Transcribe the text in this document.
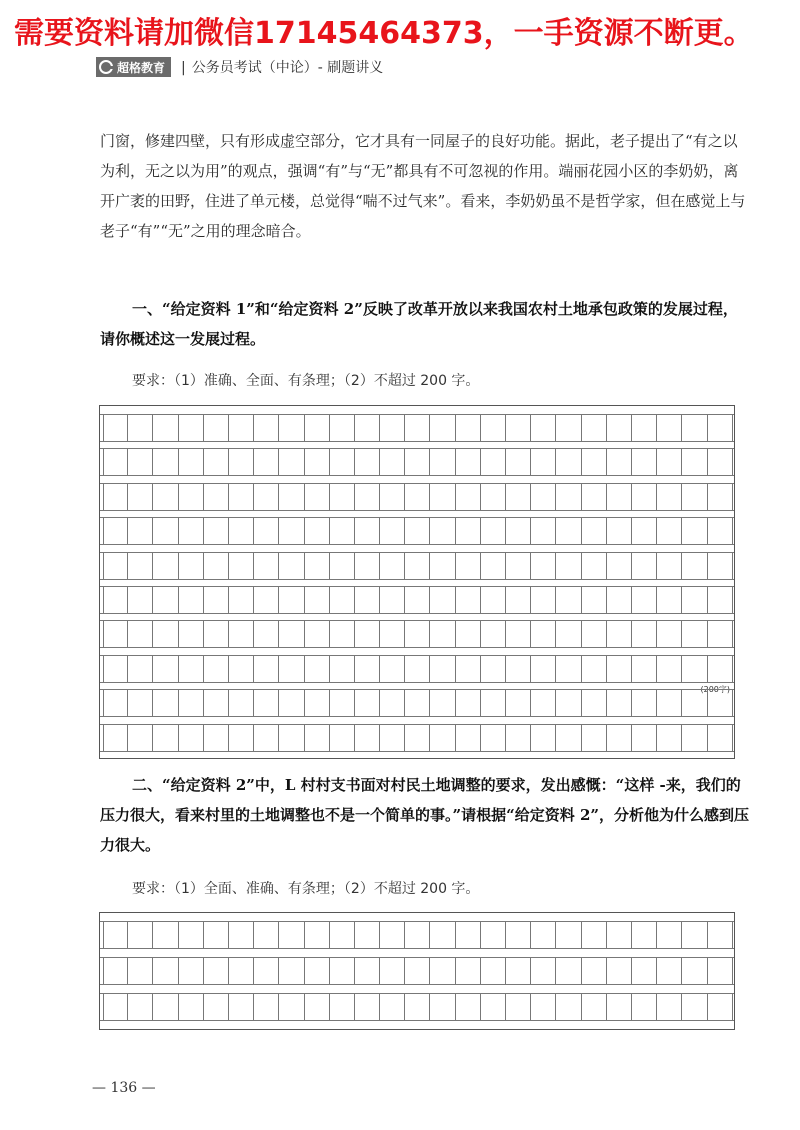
需要资料请加微信17145464373，一手资源不断更。
超格教育 | 公务员考试（中论）- 刷题讲义

门窗，修建四壁，只有形成虚空部分，它才具有一同屋子的良好功能。据此，老子提出了“有之以为利，无之以为用”的观点，强调“有”与“无”都具有不可忽视的作用。端丽花园小区的李奶奶，离开广袤的田野，住进了单元楼，总觉得“喘不过气来”。看来，李奶奶虽不是哲学家，但在感觉上与老子“有”“无”之用的理念暗合。

一、“给定资料 1”和“给定资料 2”反映了改革开放以来我国农村土地承包政策的发展过程，请你概述这一发展过程。

要求：（1）准确、全面、有条理；（2）不超过 200 字。

(200字)

二、“给定资料 2”中，L 村村支书面对村民土地调整的要求，发出感慨：“这样 -来，我们的压力很大，看来村里的土地调整也不是一个简单的事。”请根据“给定资料 2”，分析他为什么感到压力很大。

要求：（1）全面、准确、有条理；（2）不超过 200 字。

— 136 —
